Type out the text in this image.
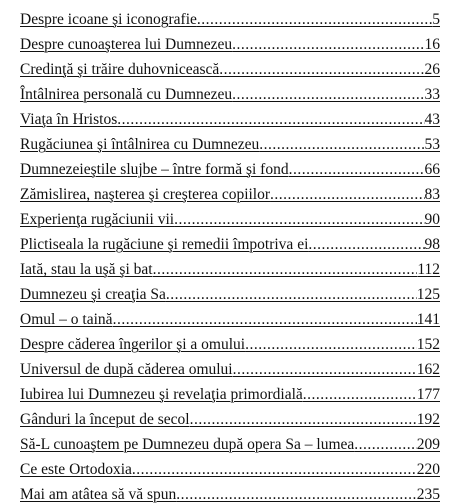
Despre icoane şi iconografie .....	5
Despre cunoaşterea lui Dumnezeu .....	16
Credinţă şi trăire duhovnicească .....	26
Întâlnirea personală cu Dumnezeu .....	33
Viaţa în Hristos .....	43
Rugăciunea şi întâlnirea cu Dumnezeu .....	53
Dumnezeieştile slujbe – între formă şi fond .....	66
Zămislirea, naşterea şi creşterea copiilor .....	83
Experienţa rugăciunii vii .....	90
Plictiseala la rugăciune şi remedii împotriva ei .....	98
Iată, stau la uşă şi bat .....	112
Dumnezeu şi creaţia Sa .....	125
Omul – o taină .....	141
Despre căderea îngerilor şi a omului .....	152
Universul de după căderea omului .....	162
Iubirea lui Dumnezeu şi revelaţia primordială .....	177
Gânduri la început de secol .....	192
Să-L cunoaştem pe Dumnezeu după opera Sa – lumea .....	209
Ce este Ortodoxia .....	220
Mai am atâtea să vă spun .....	235
